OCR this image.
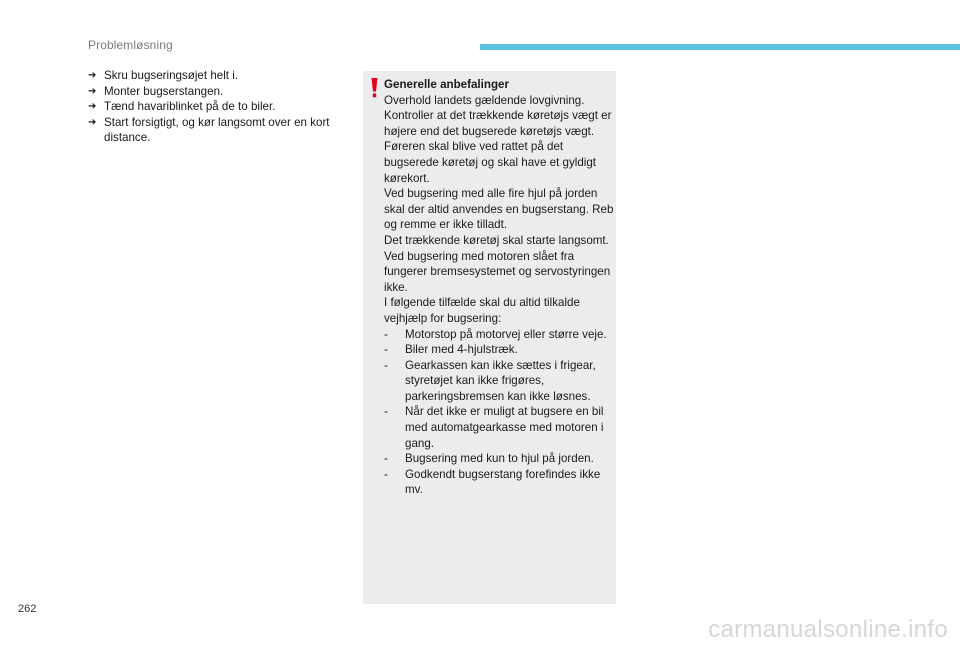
Problemløsning
➔ Skru bugseringsøjet helt i.
➔ Monter bugserstangen.
➔ Tænd havariblinket på de to biler.
➔ Start forsigtigt, og kør langsomt over en kort distance.
Generelle anbefalinger

Overhold landets gældende lovgivning.

Kontroller at det trækkende køretøjs vægt er højere end det bugserede køretøjs vægt.

Føreren skal blive ved rattet på det bugserede køretøj og skal have et gyldigt kørekort.

Ved bugsering med alle fire hjul på jorden skal der altid anvendes en bugserstang. Reb og remme er ikke tilladt.

Det trækkende køretøj skal starte langsomt.

Ved bugsering med motoren slået fra fungerer bremsesystemet og servostyringen ikke.

I følgende tilfælde skal du altid tilkalde vejhjælp for bugsering:

- Motorstop på motorvej eller større veje.
- Biler med 4-hjulstræk.
- Gearkassen kan ikke sættes i frigear, styretøjet kan ikke frigøres, parkeringsbremsen kan ikke løsnes.
- Når det ikke er muligt at bugsere en bil med automatgearkasse med motoren i gang.
- Bugsering med kun to hjul på jorden.
- Godkendt bugserstang forefindes ikke mv.
262
carmanualsonline.info
